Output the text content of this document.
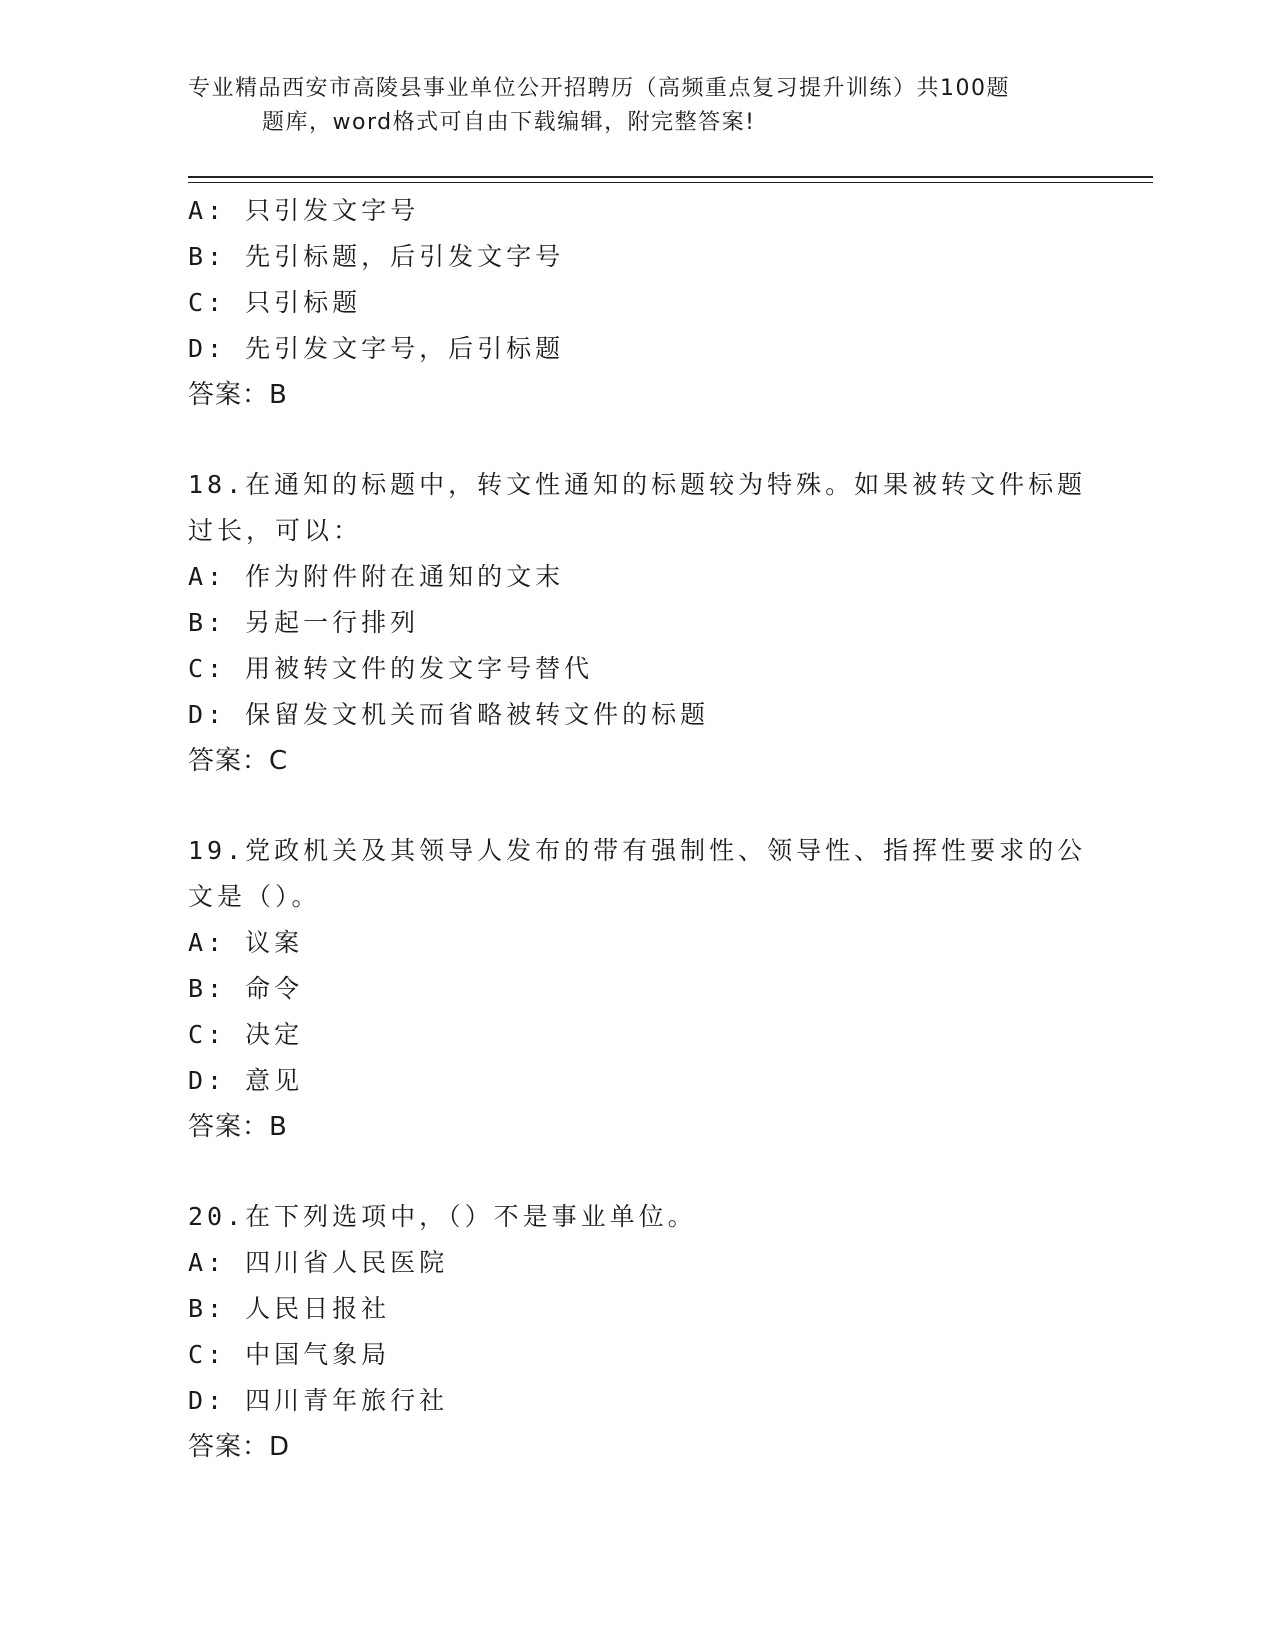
专业精品西安市高陵县事业单位公开招聘历（高频重点复习提升训练）共100题
题库，word格式可自由下载编辑，附完整答案!
A: 只引发文字号
B: 先引标题，后引发文字号
C: 只引标题
D: 先引发文字号，后引标题
答案：B
18.在通知的标题中，转文性通知的标题较为特殊。如果被转文件标题
过长，可以：
A: 作为附件附在通知的文末
B: 另起一行排列
C: 用被转文件的发文字号替代
D: 保留发文机关而省略被转文件的标题
答案：C
19.党政机关及其领导人发布的带有强制性、领导性、指挥性要求的公
文是（）。
A: 议案
B: 命令
C: 决定
D: 意见
答案：B
20.在下列选项中，（）不是事业单位。
A: 四川省人民医院
B: 人民日报社
C: 中国气象局
D: 四川青年旅行社
答案：D
